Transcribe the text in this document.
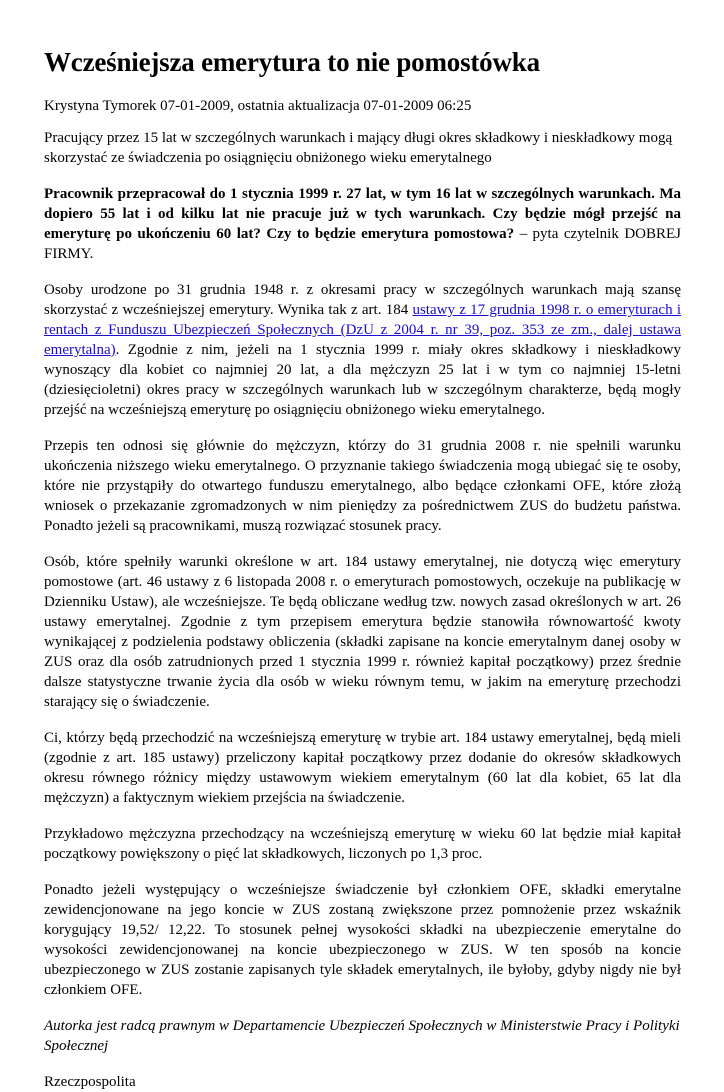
Wcześniejsza emerytura to nie pomostówka
Krystyna Tymorek 07-01-2009, ostatnia aktualizacja 07-01-2009 06:25

Pracujący przez 15 lat w szczególnych warunkach i mający długi okres składkowy i nieskładkowy mogą skorzystać ze świadczenia po osiągnięciu obniżonego wieku emerytalnego

Pracownik przepracował do 1 stycznia 1999 r. 27 lat, w tym 16 lat w szczególnych warunkach. Ma dopiero 55 lat i od kilku lat nie pracuje już w tych warunkach. Czy będzie mógł przejść na emeryturę po ukończeniu 60 lat? Czy to będzie emerytura pomostowa? – pyta czytelnik DOBREJ FIRMY.

Osoby urodzone po 31 grudnia 1948 r. z okresami pracy w szczególnych warunkach mają szansę skorzystać z wcześniejszej emerytury. Wynika tak z art. 184 ustawy z 17 grudnia 1998 r. o emeryturach i rentach z Funduszu Ubezpieczeń Społecznych (DzU z 2004 r. nr 39, poz. 353 ze zm., dalej ustawa emerytalna). Zgodnie z nim, jeżeli na 1 stycznia 1999 r. miały okres składkowy i nieskładkowy wynoszący dla kobiet co najmniej 20 lat, a dla mężczyzn 25 lat i w tym co najmniej 15-letni (dziesięcioletni) okres pracy w szczególnych warunkach lub w szczególnym charakterze, będą mogły przejść na wcześniejszą emeryturę po osiągnięciu obniżonego wieku emerytalnego.

Przepis ten odnosi się głównie do mężczyzn, którzy do 31 grudnia 2008 r. nie spełnili warunku ukończenia niższego wieku emerytalnego. O przyznanie takiego świadczenia mogą ubiegać się te osoby, które nie przystąpiły do otwartego funduszu emerytalnego, albo będące członkami OFE, które złożą wniosek o przekazanie zgromadzonych w nim pieniędzy za pośrednictwem ZUS do budżetu państwa. Ponadto jeżeli są pracownikami, muszą rozwiązać stosunek pracy.

Osób, które spełniły warunki określone w art. 184 ustawy emerytalnej, nie dotyczą więc emerytury pomostowe (art. 46 ustawy z 6 listopada 2008 r. o emeryturach pomostowych, oczekuje na publikację w Dzienniku Ustaw), ale wcześniejsze. Te będą obliczane według tzw. nowych zasad określonych w art. 26 ustawy emerytalnej. Zgodnie z tym przepisem emerytura będzie stanowiła równowartość kwoty wynikającej z podzielenia podstawy obliczenia (składki zapisane na koncie emerytalnym danej osoby w ZUS oraz dla osób zatrudnionych przed 1 stycznia 1999 r. również kapitał początkowy) przez średnie dalsze statystyczne trwanie życia dla osób w wieku równym temu, w jakim na emeryturę przechodzi starający się o świadczenie.

Ci, którzy będą przechodzić na wcześniejszą emeryturę w trybie art. 184 ustawy emerytalnej, będą mieli (zgodnie z art. 185 ustawy) przeliczony kapitał początkowy przez dodanie do okresów składkowych okresu równego różnicy między ustawowym wiekiem emerytalnym (60 lat dla kobiet, 65 lat dla mężczyzn) a faktycznym wiekiem przejścia na świadczenie.

Przykładowo mężczyzna przechodzący na wcześniejszą emeryturę w wieku 60 lat będzie miał kapitał początkowy powiększony o pięć lat składkowych, liczonych po 1,3 proc.

Ponadto jeżeli występujący o wcześniejsze świadczenie był członkiem OFE, składki emerytalne zewidencjonowane na jego koncie w ZUS zostaną zwiększone przez pomnożenie przez wskaźnik korygujący 19,52/ 12,22. To stosunek pełnej wysokości składki na ubezpieczenie emerytalne do wysokości zewidencjonowanej na koncie ubezpieczonego w ZUS. W ten sposób na koncie ubezpieczonego w ZUS zostanie zapisanych tyle składek emerytalnych, ile byłoby, gdyby nigdy nie był członkiem OFE.

Autorka jest radcą prawnym w Departamencie Ubezpieczeń Społecznych w Ministerstwie Pracy i Polityki Społecznej

Rzeczpospolita
